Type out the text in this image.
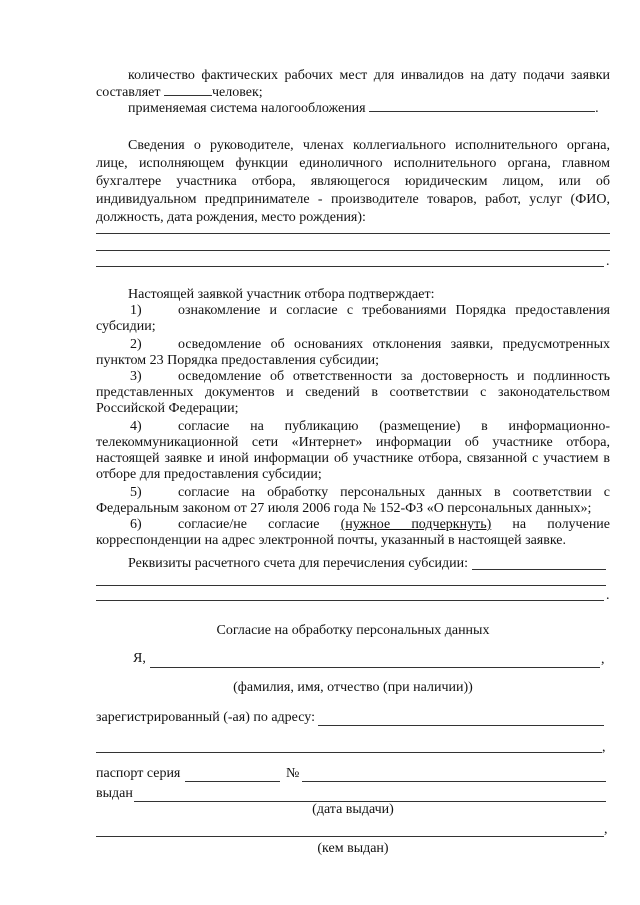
количество фактических рабочих мест для инвалидов на дату подачи заявки
составляет	человек;
применяемая система налогообложения	.
Сведения о руководителе, членах коллегиального исполнительного органа,
лице, исполняющем функции единоличного исполнительного органа, главном
бухгалтере участника отбора, являющегося юридическим лицом, или об
индивидуальном предпринимателе - производителе товаров, работ, услуг (ФИО,
должность, дата рождения, место рождения):
.
Настоящей заявкой участник отбора подтверждает:
1)	ознакомление и согласие с требованиями Порядка предоставления
субсидии;
2)	осведомление об основаниях отклонения заявки, предусмотренных
пунктом 23 Порядка предоставления субсидии;
3)	осведомление об ответственности за достоверность и подлинность
представленных документов и сведений в соответствии с законодательством
Российской Федерации;
4)	согласие на публикацию (размещение) в информационно-
телекоммуникационной сети «Интернет» информации об участнике отбора,
настоящей заявке и иной информации об участнике отбора, связанной с участием в
отборе для предоставления субсидии;
5)	согласие на обработку персональных данных в соответствии с
Федеральным законом от 27 июля 2006 года № 152-ФЗ «О персональных данных»;
6)	согласие/не согласие (нужное подчеркнуть) на получение
корреспонденции на адрес электронной почты, указанный в настоящей заявке.
Реквизиты расчетного счета для перечисления субсидии:
.
Согласие на обработку персональных данных
Я,	,
(фамилия, имя, отчество (при наличии))
зарегистрированный (-ая) по адресу:
,
паспорт серия	№
выдан
(дата выдачи)
,
(кем выдан)
